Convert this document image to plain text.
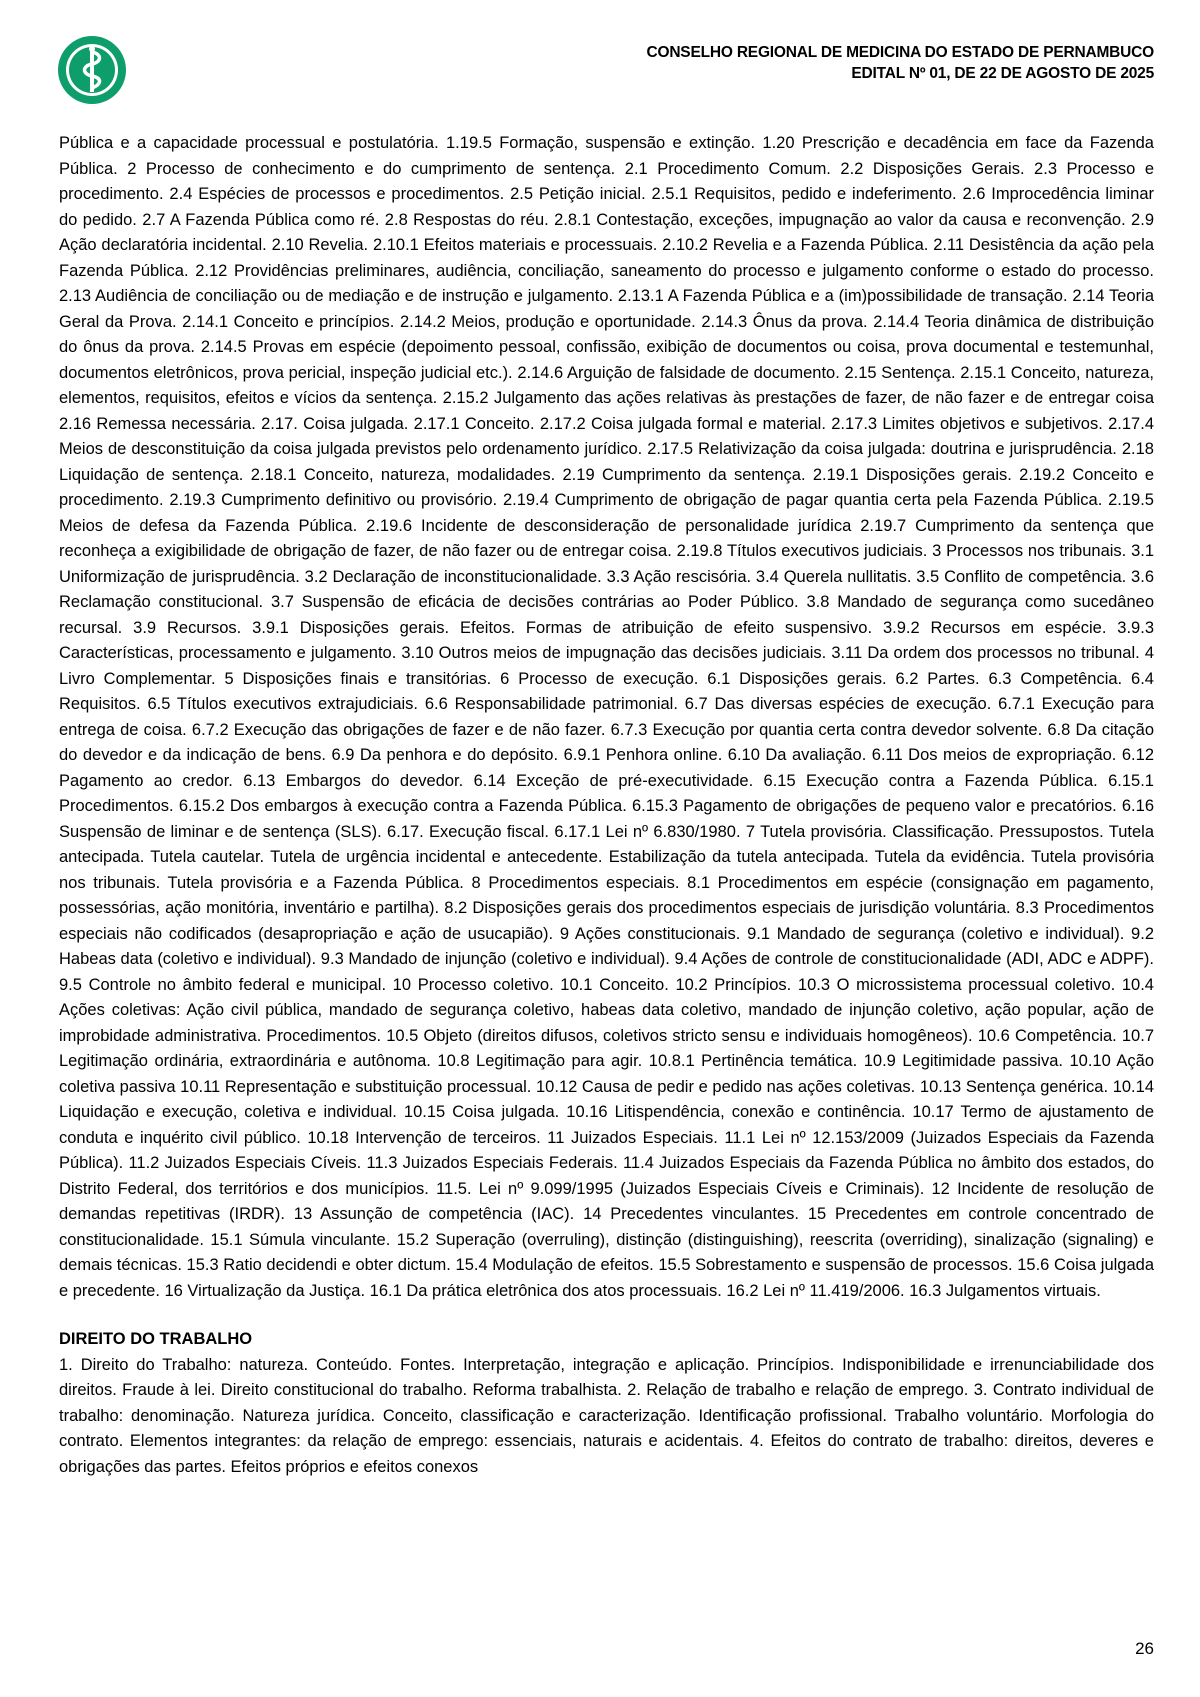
CONSELHO REGIONAL DE MEDICINA DO ESTADO DE PERNAMBUCO
EDITAL Nº 01, DE 22 DE AGOSTO DE 2025

Pública e a capacidade processual e postulatória. 1.19.5 Formação, suspensão e extinção. 1.20 Prescrição e decadência em face da Fazenda Pública. 2 Processo de conhecimento e do cumprimento de sentença. 2.1 Procedimento Comum. 2.2 Disposições Gerais. 2.3 Processo e procedimento. 2.4 Espécies de processos e procedimentos. 2.5 Petição inicial. 2.5.1 Requisitos, pedido e indeferimento. 2.6 Improcedência liminar do pedido. 2.7 A Fazenda Pública como ré. 2.8 Respostas do réu. 2.8.1 Contestação, exceções, impugnação ao valor da causa e reconvenção. 2.9 Ação declaratória incidental. 2.10 Revelia. 2.10.1 Efeitos materiais e processuais. 2.10.2 Revelia e a Fazenda Pública. 2.11 Desistência da ação pela Fazenda Pública. 2.12 Providências preliminares, audiência, conciliação, saneamento do processo e julgamento conforme o estado do processo. 2.13 Audiência de conciliação ou de mediação e de instrução e julgamento. 2.13.1 A Fazenda Pública e a (im)possibilidade de transação. 2.14 Teoria Geral da Prova. 2.14.1 Conceito e princípios. 2.14.2 Meios, produção e oportunidade. 2.14.3 Ônus da prova. 2.14.4 Teoria dinâmica de distribuição do ônus da prova. 2.14.5 Provas em espécie (depoimento pessoal, confissão, exibição de documentos ou coisa, prova documental e testemunhal, documentos eletrônicos, prova pericial, inspeção judicial etc.). 2.14.6 Arguição de falsidade de documento. 2.15 Sentença. 2.15.1 Conceito, natureza, elementos, requisitos, efeitos e vícios da sentença. 2.15.2 Julgamento das ações relativas às prestações de fazer, de não fazer e de entregar coisa 2.16 Remessa necessária. 2.17. Coisa julgada. 2.17.1 Conceito. 2.17.2 Coisa julgada formal e material. 2.17.3 Limites objetivos e subjetivos. 2.17.4 Meios de desconstituição da coisa julgada previstos pelo ordenamento jurídico. 2.17.5 Relativização da coisa julgada: doutrina e jurisprudência. 2.18 Liquidação de sentença. 2.18.1 Conceito, natureza, modalidades. 2.19 Cumprimento da sentença. 2.19.1 Disposições gerais. 2.19.2 Conceito e procedimento. 2.19.3 Cumprimento definitivo ou provisório. 2.19.4 Cumprimento de obrigação de pagar quantia certa pela Fazenda Pública. 2.19.5 Meios de defesa da Fazenda Pública. 2.19.6 Incidente de desconsideração de personalidade jurídica 2.19.7 Cumprimento da sentença que reconheça a exigibilidade de obrigação de fazer, de não fazer ou de entregar coisa. 2.19.8 Títulos executivos judiciais. 3 Processos nos tribunais. 3.1 Uniformização de jurisprudência. 3.2 Declaração de inconstitucionalidade. 3.3 Ação rescisória. 3.4 Querela nullitatis. 3.5 Conflito de competência. 3.6 Reclamação constitucional. 3.7 Suspensão de eficácia de decisões contrárias ao Poder Público. 3.8 Mandado de segurança como sucedâneo recursal. 3.9 Recursos. 3.9.1 Disposições gerais. Efeitos. Formas de atribuição de efeito suspensivo. 3.9.2 Recursos em espécie. 3.9.3 Características, processamento e julgamento. 3.10 Outros meios de impugnação das decisões judiciais. 3.11 Da ordem dos processos no tribunal. 4 Livro Complementar. 5 Disposições finais e transitórias. 6 Processo de execução. 6.1 Disposições gerais. 6.2 Partes. 6.3 Competência. 6.4 Requisitos. 6.5 Títulos executivos extrajudiciais. 6.6 Responsabilidade patrimonial. 6.7 Das diversas espécies de execução. 6.7.1 Execução para entrega de coisa. 6.7.2 Execução das obrigações de fazer e de não fazer. 6.7.3 Execução por quantia certa contra devedor solvente. 6.8 Da citação do devedor e da indicação de bens. 6.9 Da penhora e do depósito. 6.9.1 Penhora online. 6.10 Da avaliação. 6.11 Dos meios de expropriação. 6.12 Pagamento ao credor. 6.13 Embargos do devedor. 6.14 Exceção de pré-executividade. 6.15 Execução contra a Fazenda Pública. 6.15.1 Procedimentos. 6.15.2 Dos embargos à execução contra a Fazenda Pública. 6.15.3 Pagamento de obrigações de pequeno valor e precatórios. 6.16 Suspensão de liminar e de sentença (SLS). 6.17. Execução fiscal. 6.17.1 Lei nº 6.830/1980. 7 Tutela provisória. Classificação. Pressupostos. Tutela antecipada. Tutela cautelar. Tutela de urgência incidental e antecedente. Estabilização da tutela antecipada. Tutela da evidência. Tutela provisória nos tribunais. Tutela provisória e a Fazenda Pública. 8 Procedimentos especiais. 8.1 Procedimentos em espécie (consignação em pagamento, possessórias, ação monitória, inventário e partilha). 8.2 Disposições gerais dos procedimentos especiais de jurisdição voluntária. 8.3 Procedimentos especiais não codificados (desapropriação e ação de usucapião). 9 Ações constitucionais. 9.1 Mandado de segurança (coletivo e individual). 9.2 Habeas data (coletivo e individual). 9.3 Mandado de injunção (coletivo e individual). 9.4 Ações de controle de constitucionalidade (ADI, ADC e ADPF). 9.5 Controle no âmbito federal e municipal. 10 Processo coletivo. 10.1 Conceito. 10.2 Princípios. 10.3 O microssistema processual coletivo. 10.4 Ações coletivas: Ação civil pública, mandado de segurança coletivo, habeas data coletivo, mandado de injunção coletivo, ação popular, ação de improbidade administrativa. Procedimentos. 10.5 Objeto (direitos difusos, coletivos stricto sensu e individuais homogêneos). 10.6 Competência. 10.7 Legitimação ordinária, extraordinária e autônoma. 10.8 Legitimação para agir. 10.8.1 Pertinência temática. 10.9 Legitimidade passiva. 10.10 Ação coletiva passiva 10.11 Representação e substituição processual. 10.12 Causa de pedir e pedido nas ações coletivas. 10.13 Sentença genérica. 10.14 Liquidação e execução, coletiva e individual. 10.15 Coisa julgada. 10.16 Litispendência, conexão e continência. 10.17 Termo de ajustamento de conduta e inquérito civil público. 10.18 Intervenção de terceiros. 11 Juizados Especiais. 11.1 Lei nº 12.153/2009 (Juizados Especiais da Fazenda Pública). 11.2 Juizados Especiais Cíveis. 11.3 Juizados Especiais Federais. 11.4 Juizados Especiais da Fazenda Pública no âmbito dos estados, do Distrito Federal, dos territórios e dos municípios. 11.5. Lei nº 9.099/1995 (Juizados Especiais Cíveis e Criminais). 12 Incidente de resolução de demandas repetitivas (IRDR). 13 Assunção de competência (IAC). 14 Precedentes vinculantes. 15 Precedentes em controle concentrado de constitucionalidade. 15.1 Súmula vinculante. 15.2 Superação (overruling), distinção (distinguishing), reescrita (overriding), sinalização (signaling) e demais técnicas. 15.3 Ratio decidendi e obter dictum. 15.4 Modulação de efeitos. 15.5 Sobrestamento e suspensão de processos. 15.6 Coisa julgada e precedente. 16 Virtualização da Justiça. 16.1 Da prática eletrônica dos atos processuais. 16.2 Lei nº 11.419/2006. 16.3 Julgamentos virtuais.

DIREITO DO TRABALHO

1. Direito do Trabalho: natureza. Conteúdo. Fontes. Interpretação, integração e aplicação. Princípios. Indisponibilidade e irrenunciabilidade dos direitos. Fraude à lei. Direito constitucional do trabalho. Reforma trabalhista. 2. Relação de trabalho e relação de emprego. 3. Contrato individual de trabalho: denominação. Natureza jurídica. Conceito, classificação e caracterização. Identificação profissional. Trabalho voluntário. Morfologia do contrato. Elementos integrantes: da relação de emprego: essenciais, naturais e acidentais. 4. Efeitos do contrato de trabalho: direitos, deveres e obrigações das partes. Efeitos próprios e efeitos conexos

26
